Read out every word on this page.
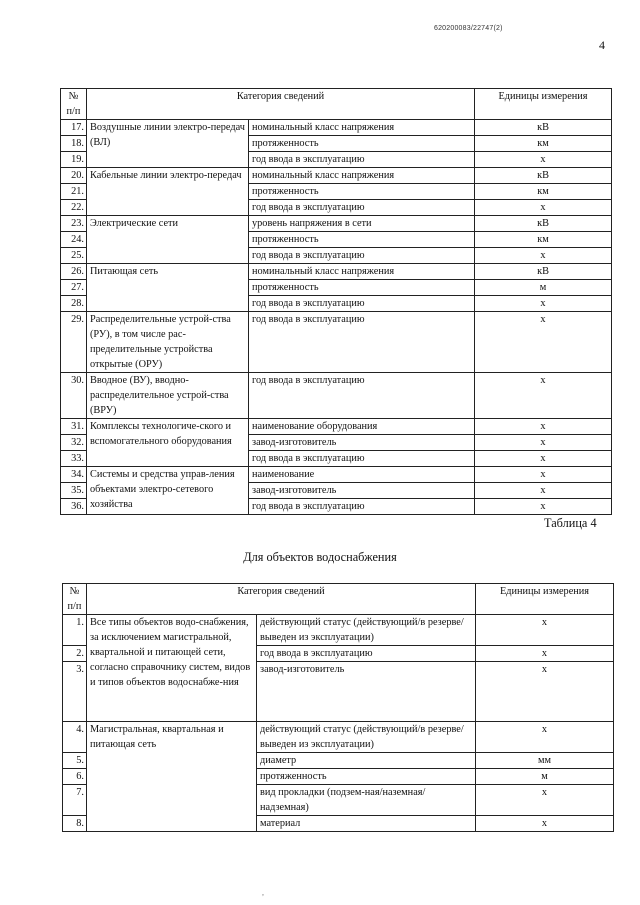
620200083/22747(2)
4
№ п/п	Категория сведений		Единицы измерения
17.	Воздушные линии электро-передач (ВЛ)	номинальный класс напряжения	кВ
18.		протяженность	км
19.		год ввода в эксплуатацию	х
20.	Кабельные линии электро-передач	номинальный класс напряжения	кВ
21.		протяженность	км
22.		год ввода в эксплуатацию	х
23.	Электрические сети	уровень напряжения в сети	кВ
24.		протяженность	км
25.		год ввода в эксплуатацию	х
26.	Питающая сеть	номинальный класс напряжения	кВ
27.		протяженность	м
28.		год ввода в эксплуатацию	х
29.	Распределительные устрой-ства (РУ), в том числе рас-пределительные устройства открытые (ОРУ)	год ввода в эксплуатацию	х
30.	Вводное (ВУ), вводно-распределительное устрой-ства (ВРУ)	год ввода в эксплуатацию	х
31.	Комплексы технологиче-ского и вспомогательного оборудования	наименование оборудования	х
32.		завод-изготовитель	х
33.		год ввода в эксплуатацию	х
34.	Системы и средства управ-ления объектами электро-сетевого хозяйства	наименование	х
35.		завод-изготовитель	х
36.		год ввода в эксплуатацию	х
Таблица 4
Для объектов водоснабжения
№ п/п	Категория сведений		Единицы измерения
1.	Все типы объектов водо-снабжения, за исключением магистральной, квартальной и питающей сети, согласно справочнику систем, видов и типов объектов водоснабже-ния	действующий статус (действующий/в резерве/выведен из эксплуатации)	х
2.		год ввода в эксплуатацию	х
3.		завод-изготовитель	х
4.	Магистральная, квартальная и питающая сеть	действующий статус (действующий/в резерве/выведен из эксплуатации)	х
5.		диаметр	мм
6.		протяженность	м
7.		вид прокладки (подзем-ная/наземная/надземная)	х
8.		материал	х
,
